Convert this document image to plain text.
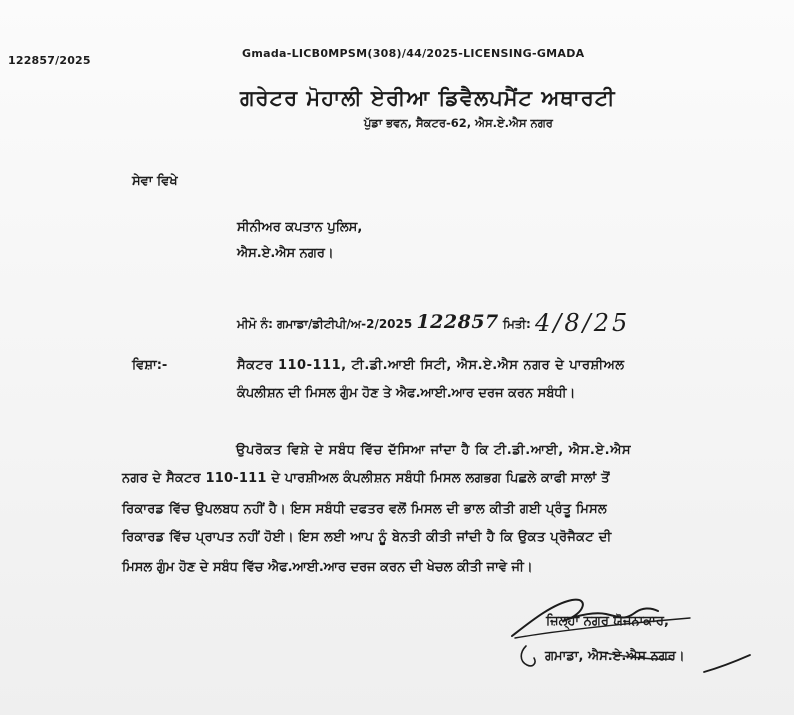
122857/2025
Gmada-LICB0MPSM(308)/44/2025-LICENSING-GMADA
ਗਰੇਟਰ ਮੋਹਾਲੀ ਏਰੀਆ ਡਿਵੈਲਪਮੈਂਟ ਅਥਾਰਟੀ
ਪੁੱਡਾ ਭਵਨ, ਸੈਕਟਰ-62, ਐਸ.ਏ.ਐਸ ਨਗਰ
ਸੇਵਾ ਵਿਖੇ
ਸੀਨੀਅਰ ਕਪਤਾਨ ਪੁਲਿਸ,
ਐਸ.ਏ.ਐਸ ਨਗਰ।
ਮੀਮੋ ਨੰ: ਗਮਾਡਾ/ਡੀਟੀਪੀ/ਅ-2/2025 122857 ਮਿਤੀ: 4/8/25
ਵਿਸ਼ਾ:-	ਸੈਕਟਰ 110-111, ਟੀ.ਡੀ.ਆਈ ਸਿਟੀ, ਐਸ.ਏ.ਐਸ ਨਗਰ ਦੇ ਪਾਰਸ਼ੀਅਲ
ਕੰਪਲੀਸ਼ਨ ਦੀ ਮਿਸਲ ਗੁੰਮ ਹੋਣ ਤੇ ਐਫ.ਆਈ.ਆਰ ਦਰਜ ਕਰਨ ਸਬੰਧੀ।
ਉਪਰੋਕਤ ਵਿਸ਼ੇ ਦੇ ਸਬੰਧ ਵਿੱਚ ਦੱਸਿਆ ਜਾਂਦਾ ਹੈ ਕਿ ਟੀ.ਡੀ.ਆਈ, ਐਸ.ਏ.ਐਸ
ਨਗਰ ਦੇ ਸੈਕਟਰ 110-111 ਦੇ ਪਾਰਸ਼ੀਅਲ ਕੰਪਲੀਸ਼ਨ ਸਬੰਧੀ ਮਿਸਲ ਲਗਭਗ ਪਿਛਲੇ ਕਾਫੀ ਸਾਲਾਂ ਤੋਂ
ਰਿਕਾਰਡ ਵਿੱਚ ਉਪਲਬਧ ਨਹੀਂ ਹੈ। ਇਸ ਸਬੰਧੀ ਦਫਤਰ ਵਲੋਂ ਮਿਸਲ ਦੀ ਭਾਲ ਕੀਤੀ ਗਈ ਪ੍ਰੰਤੂ ਮਿਸਲ
ਰਿਕਾਰਡ ਵਿੱਚ ਪ੍ਰਾਪਤ ਨਹੀਂ ਹੋਈ। ਇਸ ਲਈ ਆਪ ਨੂੰ ਬੇਨਤੀ ਕੀਤੀ ਜਾਂਦੀ ਹੈ ਕਿ ਉਕਤ ਪ੍ਰੋਜੈਕਟ ਦੀ
ਮਿਸਲ ਗੁੰਮ ਹੋਣ ਦੇ ਸਬੰਧ ਵਿੱਚ ਐਫ.ਆਈ.ਆਰ ਦਰਜ ਕਰਨ ਦੀ ਖੇਚਲ ਕੀਤੀ ਜਾਵੇ ਜੀ।
ਜ਼ਿਲ੍ਹਾ ਨਗਰ ਯੋਜਨਾਕਾਰ,
ਗਮਾਡਾ, ਐਸ.ਏ.ਐਸ ਨਗਰ।
